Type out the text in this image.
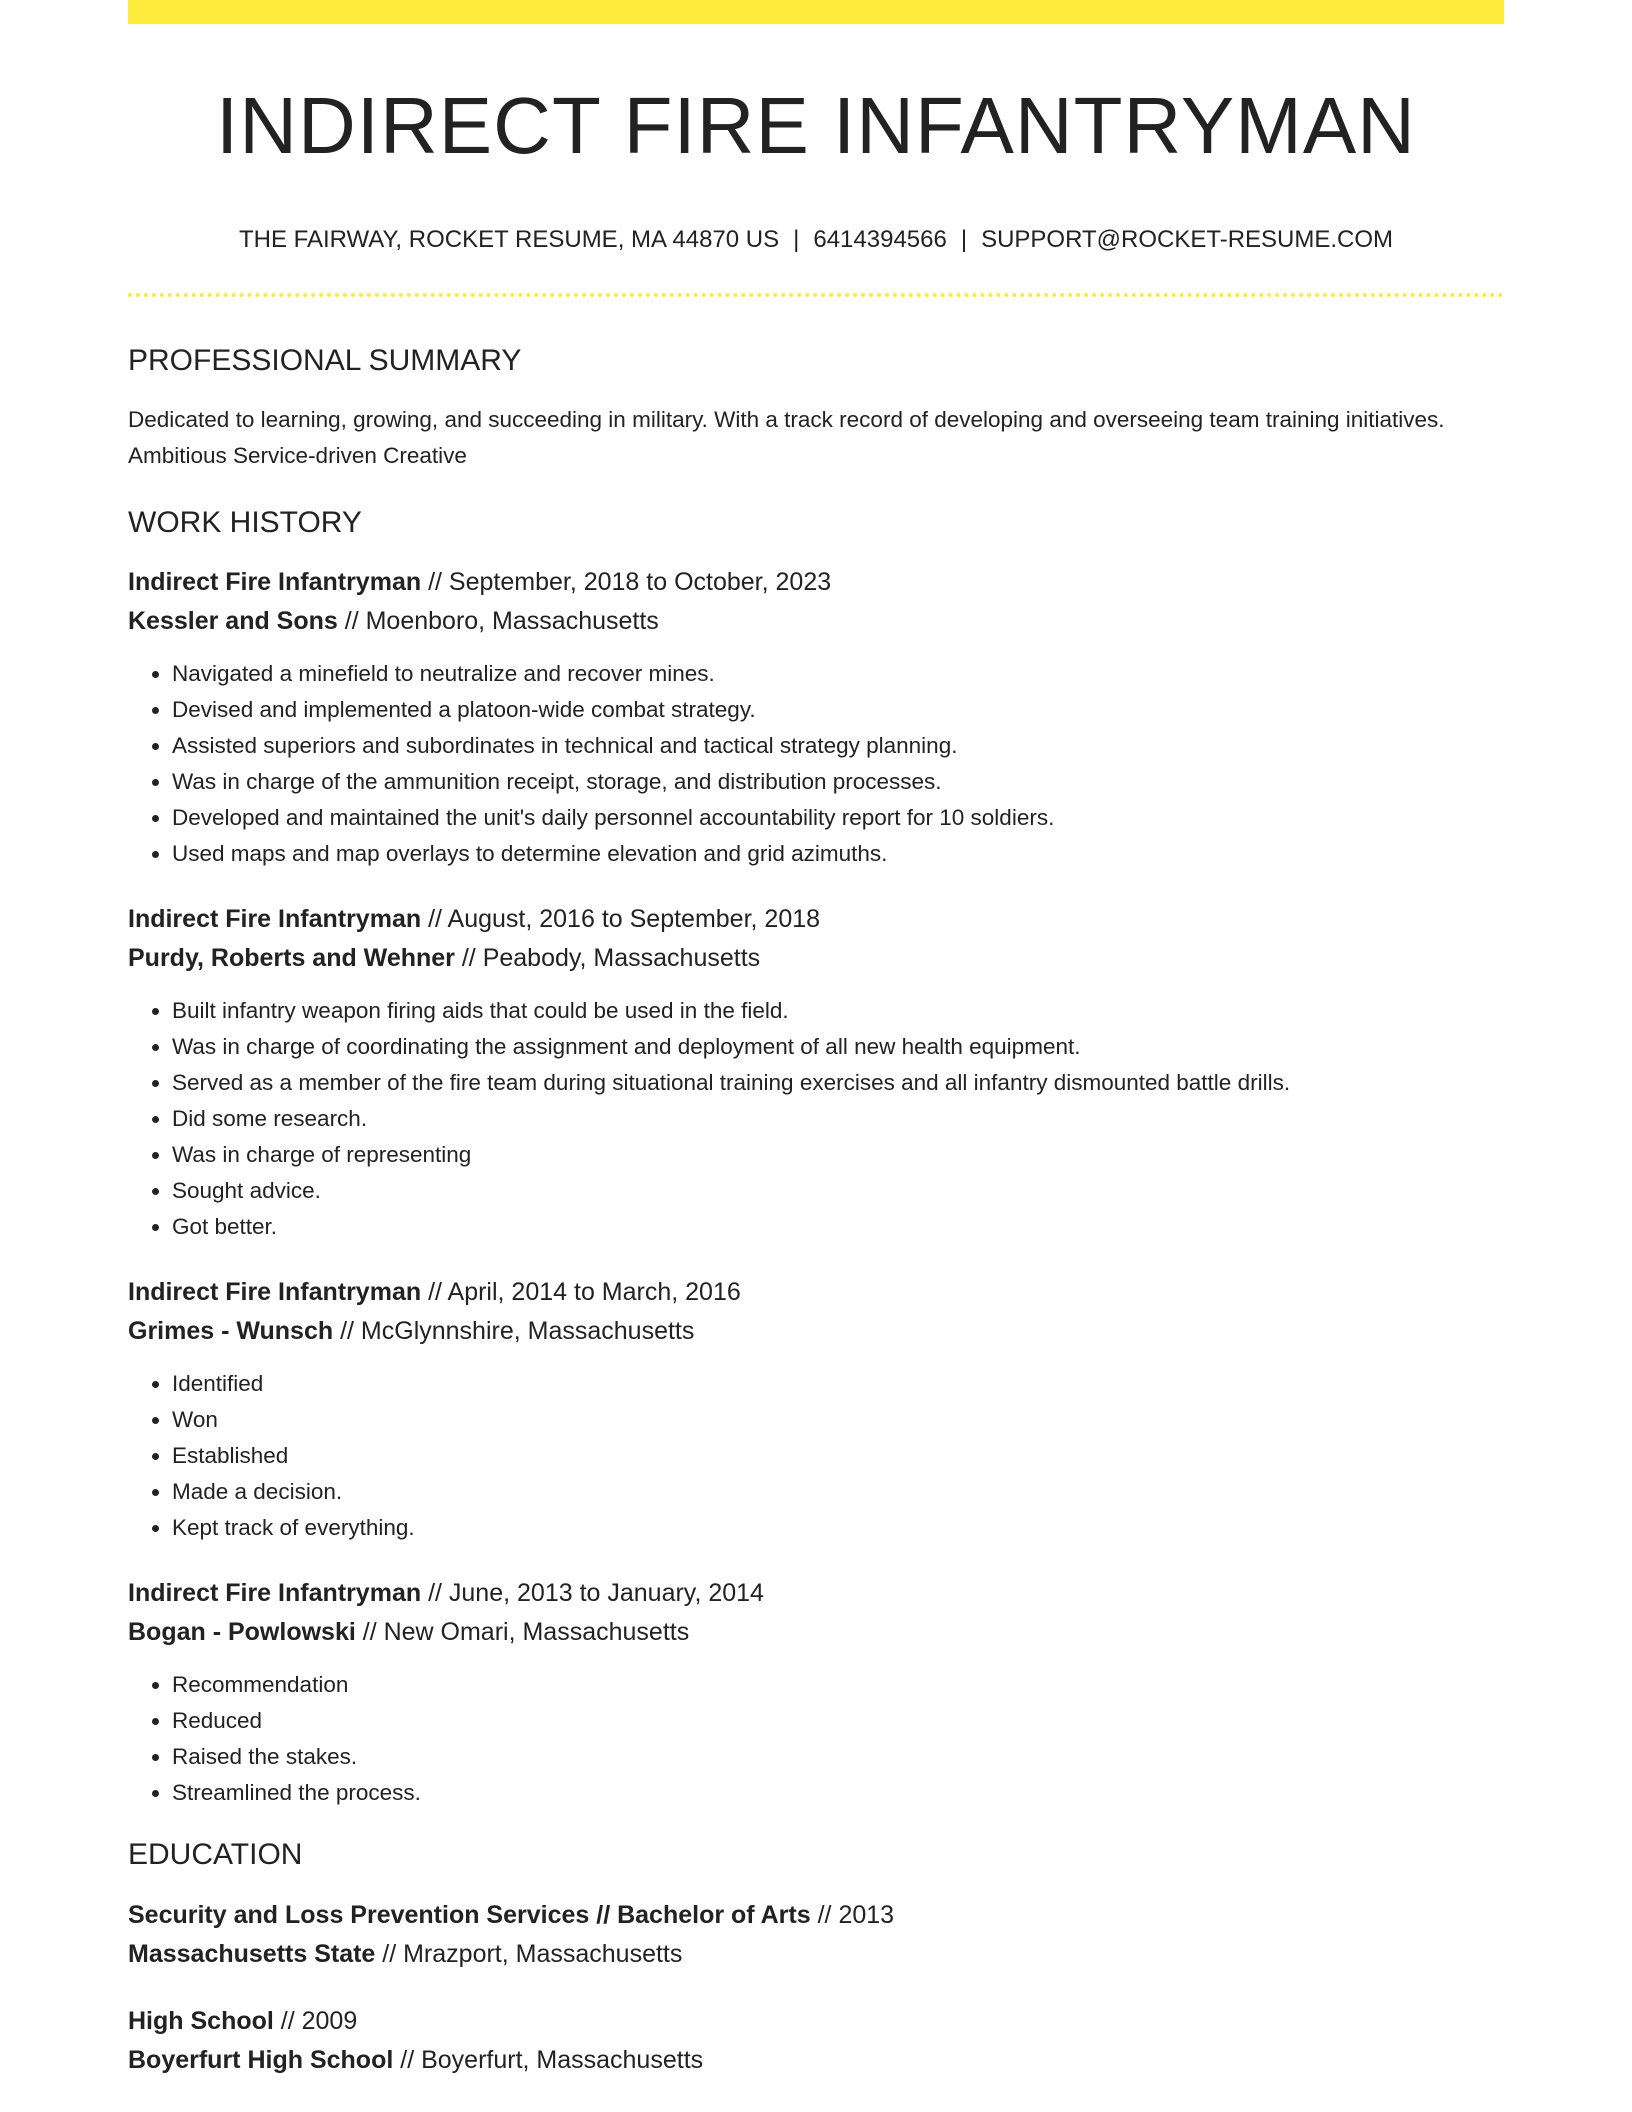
INDIRECT FIRE INFANTRYMAN
THE FAIRWAY, ROCKET RESUME, MA 44870 US | 6414394566 | SUPPORT@ROCKET-RESUME.COM
PROFESSIONAL SUMMARY
Dedicated to learning, growing, and succeeding in military. With a track record of developing and overseeing team training initiatives. Ambitious Service-driven Creative
WORK HISTORY
Indirect Fire Infantryman // September, 2018 to October, 2023
Kessler and Sons // Moenboro, Massachusetts
• Navigated a minefield to neutralize and recover mines.
• Devised and implemented a platoon-wide combat strategy.
• Assisted superiors and subordinates in technical and tactical strategy planning.
• Was in charge of the ammunition receipt, storage, and distribution processes.
• Developed and maintained the unit's daily personnel accountability report for 10 soldiers.
• Used maps and map overlays to determine elevation and grid azimuths.
Indirect Fire Infantryman // August, 2016 to September, 2018
Purdy, Roberts and Wehner // Peabody, Massachusetts
• Built infantry weapon firing aids that could be used in the field.
• Was in charge of coordinating the assignment and deployment of all new health equipment.
• Served as a member of the fire team during situational training exercises and all infantry dismounted battle drills.
• Did some research.
• Was in charge of representing
• Sought advice.
• Got better.
Indirect Fire Infantryman // April, 2014 to March, 2016
Grimes - Wunsch // McGlynnshire, Massachusetts
• Identified
• Won
• Established
• Made a decision.
• Kept track of everything.
Indirect Fire Infantryman // June, 2013 to January, 2014
Bogan - Powlowski // New Omari, Massachusetts
• Recommendation
• Reduced
• Raised the stakes.
• Streamlined the process.
EDUCATION
Security and Loss Prevention Services // Bachelor of Arts // 2013
Massachusetts State // Mrazport, Massachusetts
High School // 2009
Boyerfurt High School // Boyerfurt, Massachusetts
